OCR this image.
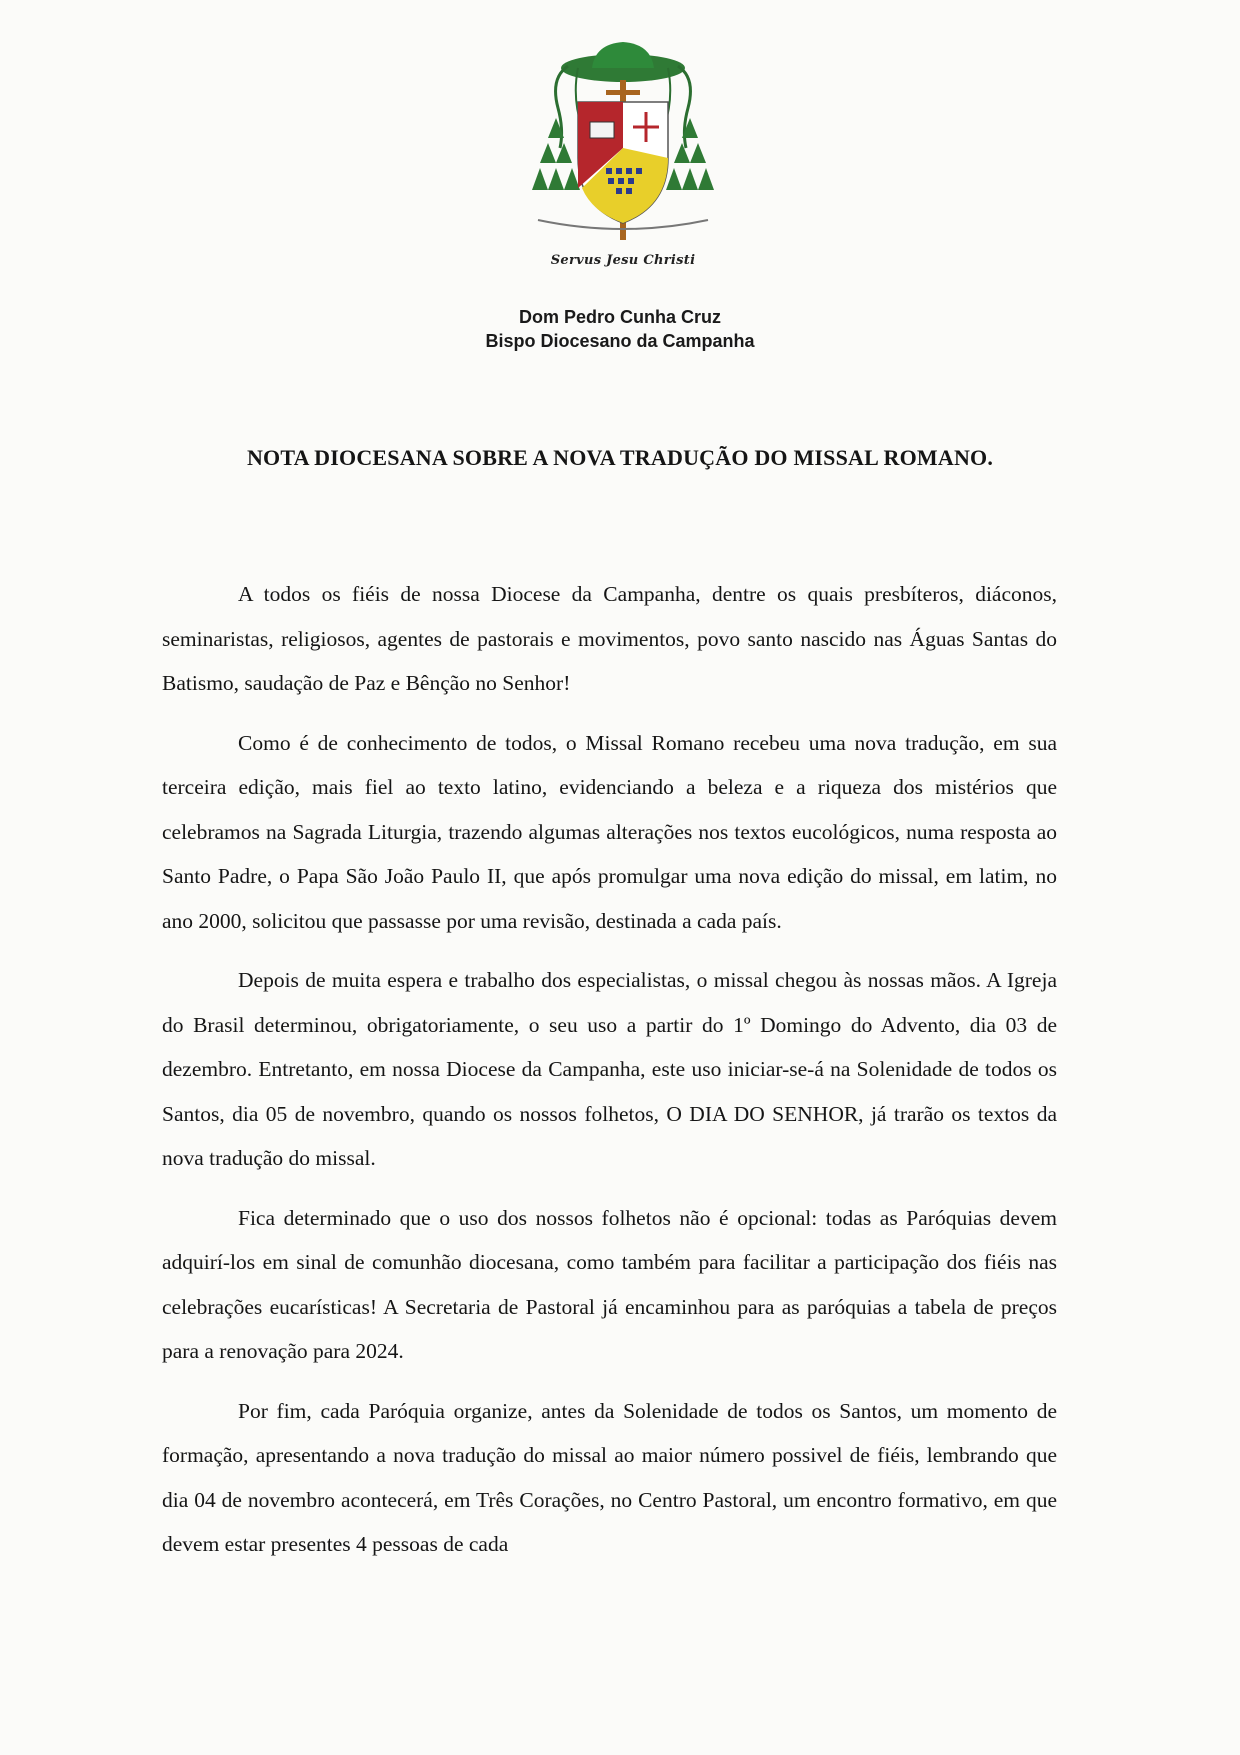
Servus Jesu Christi
Dom Pedro Cunha Cruz
Bispo Diocesano da Campanha
NOTA DIOCESANA SOBRE A NOVA TRADUÇÃO DO MISSAL ROMANO.

A todos os fiéis de nossa Diocese da Campanha, dentre os quais presbíteros, diáconos, seminaristas, religiosos, agentes de pastorais e movimentos, povo santo nascido nas Águas Santas do Batismo, saudação de Paz e Bênção no Senhor!

Como é de conhecimento de todos, o Missal Romano recebeu uma nova tradução, em sua terceira edição, mais fiel ao texto latino, evidenciando a beleza e a riqueza dos mistérios que celebramos na Sagrada Liturgia, trazendo algumas alterações nos textos eucológicos, numa resposta ao Santo Padre, o Papa São João Paulo II, que após promulgar uma nova edição do missal, em latim, no ano 2000, solicitou que passasse por uma revisão, destinada a cada país.

Depois de muita espera e trabalho dos especialistas, o missal chegou às nossas mãos. A Igreja do Brasil determinou, obrigatoriamente, o seu uso a partir do 1º Domingo do Advento, dia 03 de dezembro. Entretanto, em nossa Diocese da Campanha, este uso iniciar-se-á na Solenidade de todos os Santos, dia 05 de novembro, quando os nossos folhetos, O DIA DO SENHOR, já trarão os textos da nova tradução do missal.

Fica determinado que o uso dos nossos folhetos não é opcional: todas as Paróquias devem adquirí-los em sinal de comunhão diocesana, como também para facilitar a participação dos fiéis nas celebrações eucarísticas! A Secretaria de Pastoral já encaminhou para as paróquias a tabela de preços para a renovação para 2024.

Por fim, cada Paróquia organize, antes da Solenidade de todos os Santos, um momento de formação, apresentando a nova tradução do missal ao maior número possivel de fiéis, lembrando que dia 04 de novembro acontecerá, em Três Corações, no Centro Pastoral, um encontro formativo, em que devem estar presentes 4 pessoas de cada
